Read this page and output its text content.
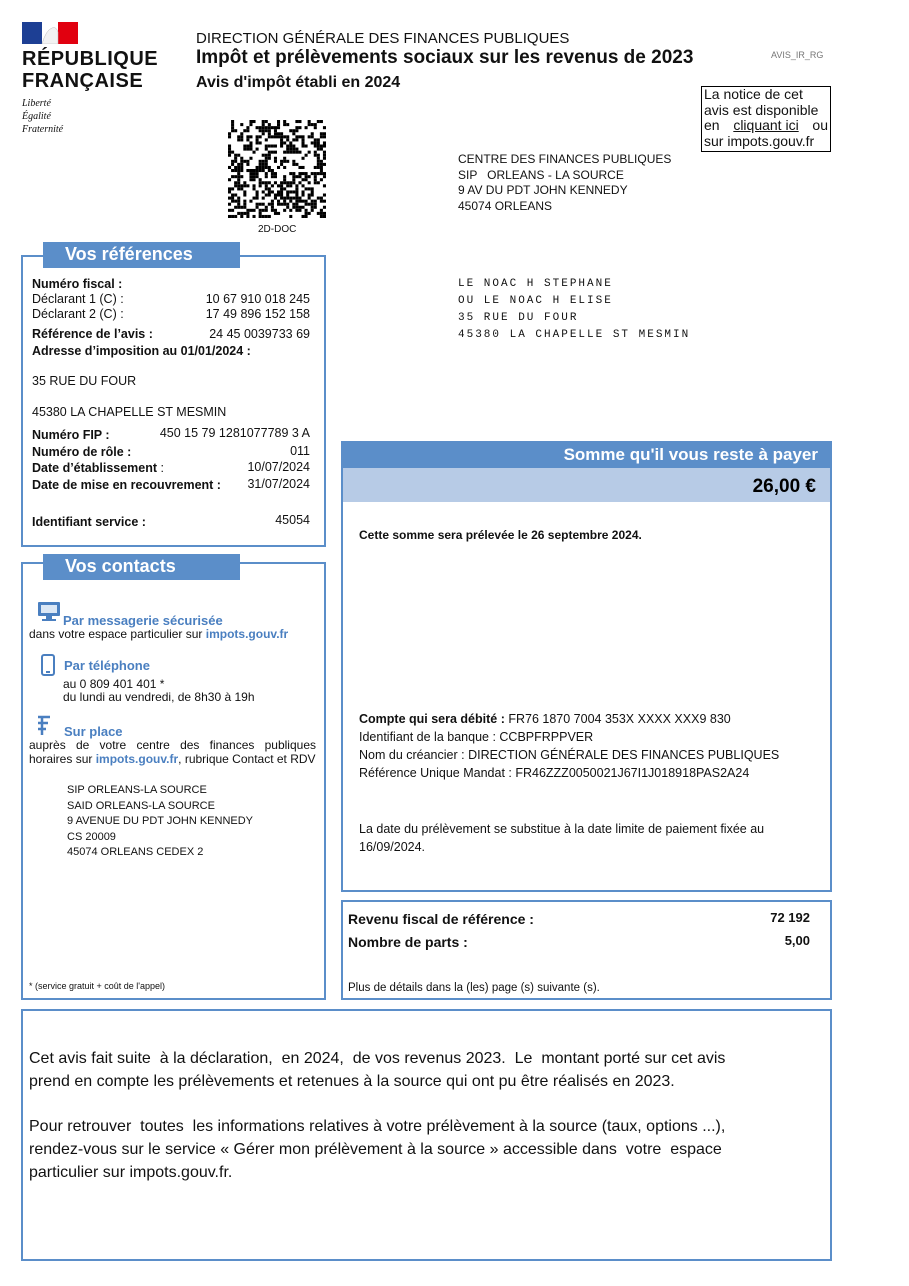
RÉPUBLIQUE
FRANÇAISE
Liberté
Égalité
Fraternité
DIRECTION GÉNÉRALE DES FINANCES PUBLIQUES
Impôt et prélèvements sociaux sur les revenus de 2023
Avis d'impôt établi en 2024
AVIS_IR_RG
La notice de cet
avis est disponible
en cliquant ici ou
sur impots.gouv.fr
2D-DOC
CENTRE DES FINANCES PUBLIQUES
SIP   ORLEANS - LA SOURCE
9 AV DU PDT JOHN KENNEDY
45074 ORLEANS
LE NOAC H STEPHANE
OU LE NOAC H ELISE
35 RUE DU FOUR
45380 LA CHAPELLE ST MESMIN
Vos références
Numéro fiscal :
Déclarant 1 (C) :	10 67 910 018 245
Déclarant 2 (C) :	17 49 896 152 158
Référence de l’avis :	24 45 0039733 69
Adresse d’imposition au 01/01/2024 :
35 RUE DU FOUR
45380 LA CHAPELLE ST MESMIN
Numéro FIP :	450 15 79 1281077789 3 A
Numéro de rôle :	011
Date d’établissement :	10/07/2024
Date de mise en recouvrement : 31/07/2024
Identifiant service :	45054
Vos contacts
Par messagerie sécurisée
dans votre espace particulier sur impots.gouv.fr
Par téléphone
au 0 809 401 401 *
du lundi au vendredi, de 8h30 à 19h
Sur place
auprès de votre centre des finances publiques
horaires sur impots.gouv.fr, rubrique Contact et RDV
SIP ORLEANS-LA SOURCE
SAID ORLEANS-LA SOURCE
9 AVENUE DU PDT JOHN KENNEDY
CS 20009
45074 ORLEANS CEDEX 2
* (service gratuit + coût de l'appel)
Somme qu'il vous reste à payer
26,00 €
Cette somme sera prélevée le 26 septembre 2024.
Compte qui sera débité : FR76 1870 7004 353X XXXX XXX9 830
Identifiant de la banque : CCBPFRPPVER
Nom du créancier : DIRECTION GÉNÉRALE DES FINANCES PUBLIQUES
Référence Unique Mandat : FR46ZZZ0050021J67I1J018918PAS2A24
La date du prélèvement se substitue à la date limite de paiement fixée au
16/09/2024.
Revenu fiscal de référence :	72 192
Nombre de parts :	5,00
Plus de détails dans la (les) page (s) suivante (s).
Cet avis fait suite  à la déclaration,  en 2024,  de vos revenus 2023.  Le  montant porté sur cet avis
prend en compte les prélèvements et retenues à la source qui ont pu être réalisés en 2023.
Pour retrouver  toutes  les informations relatives à votre prélèvement à la source (taux, options ...),
rendez-vous sur le service « Gérer mon prélèvement à la source » accessible dans  votre  espace
particulier sur impots.gouv.fr.
